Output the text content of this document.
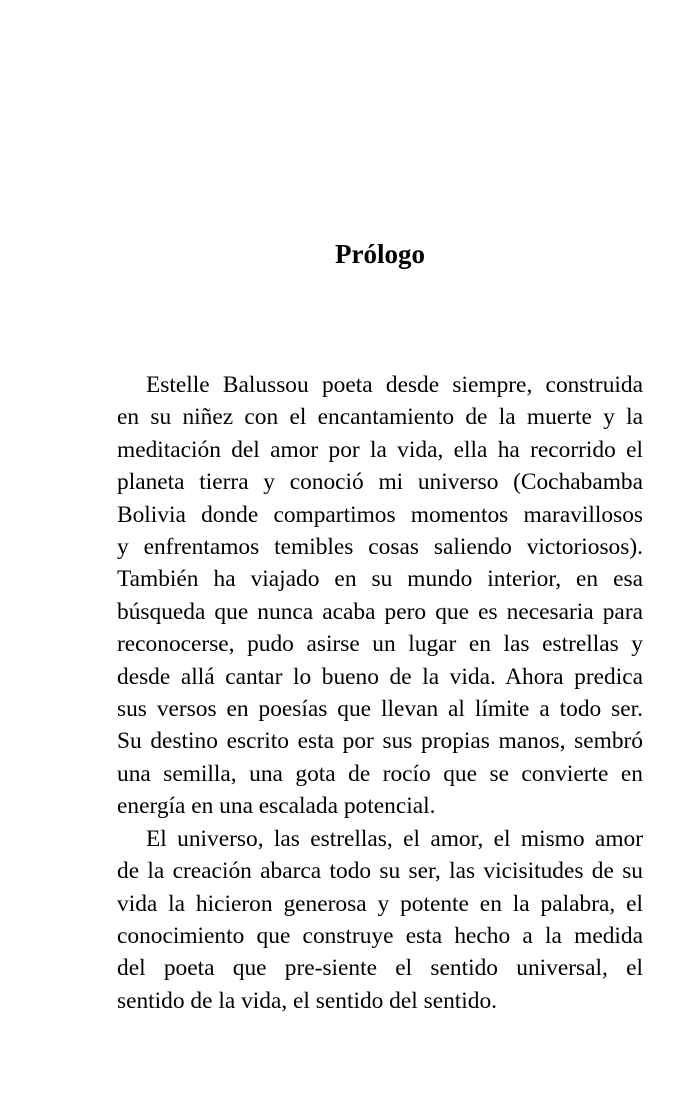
Prólogo

Estelle Balussou poeta desde siempre, construida
en su niñez con el encantamiento de la muerte y la
meditación del amor por la vida, ella ha recorrido el
planeta tierra y conoció mi universo (Cochabamba
Bolivia donde compartimos momentos maravillosos
y enfrentamos temibles cosas saliendo victoriosos).
También ha viajado en su mundo interior, en esa
búsqueda que nunca acaba pero que es necesaria para
reconocerse, pudo asirse un lugar en las estrellas y
desde allá cantar lo bueno de la vida. Ahora predica
sus versos en poesías que llevan al límite a todo ser.
Su destino escrito esta por sus propias manos, sembró
una semilla, una gota de rocío que se convierte en
energía en una escalada potencial.

El universo, las estrellas, el amor, el mismo amor
de la creación abarca todo su ser, las vicisitudes de su
vida la hicieron generosa y potente en la palabra, el
conocimiento que construye esta hecho a la medida
del poeta que pre-siente el sentido universal, el
sentido de la vida, el sentido del sentido.
